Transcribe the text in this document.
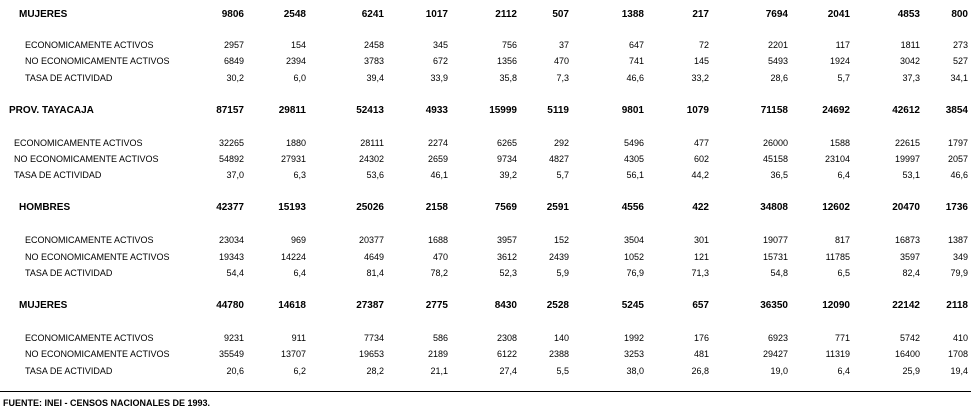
MUJERES	9806	2548	6241	1017	2112	507	1388	217	7694	2041	4853	800
ECONOMICAMENTE ACTIVOS	2957	154	2458	345	756	37	647	72	2201	117	1811	273
NO ECONOMICAMENTE ACTIVOS	6849	2394	3783	672	1356	470	741	145	5493	1924	3042	527
TASA DE ACTIVIDAD	30,2	6,0	39,4	33,9	35,8	7,3	46,6	33,2	28,6	5,7	37,3	34,1
PROV. TAYACAJA	87157	29811	52413	4933	15999	5119	9801	1079	71158	24692	42612	3854
ECONOMICAMENTE ACTIVOS	32265	1880	28111	2274	6265	292	5496	477	26000	1588	22615	1797
NO ECONOMICAMENTE ACTIVOS	54892	27931	24302	2659	9734	4827	4305	602	45158	23104	19997	2057
TASA DE ACTIVIDAD	37,0	6,3	53,6	46,1	39,2	5,7	56,1	44,2	36,5	6,4	53,1	46,6
HOMBRES	42377	15193	25026	2158	7569	2591	4556	422	34808	12602	20470	1736
ECONOMICAMENTE ACTIVOS	23034	969	20377	1688	3957	152	3504	301	19077	817	16873	1387
NO ECONOMICAMENTE ACTIVOS	19343	14224	4649	470	3612	2439	1052	121	15731	11785	3597	349
TASA DE ACTIVIDAD	54,4	6,4	81,4	78,2	52,3	5,9	76,9	71,3	54,8	6,5	82,4	79,9
MUJERES	44780	14618	27387	2775	8430	2528	5245	657	36350	12090	22142	2118
ECONOMICAMENTE ACTIVOS	9231	911	7734	586	2308	140	1992	176	6923	771	5742	410
NO ECONOMICAMENTE ACTIVOS	35549	13707	19653	2189	6122	2388	3253	481	29427	11319	16400	1708
TASA DE ACTIVIDAD	20,6	6,2	28,2	21,1	27,4	5,5	38,0	26,8	19,0	6,4	25,9	19,4
FUENTE: INEI - CENSOS NACIONALES DE 1993.
